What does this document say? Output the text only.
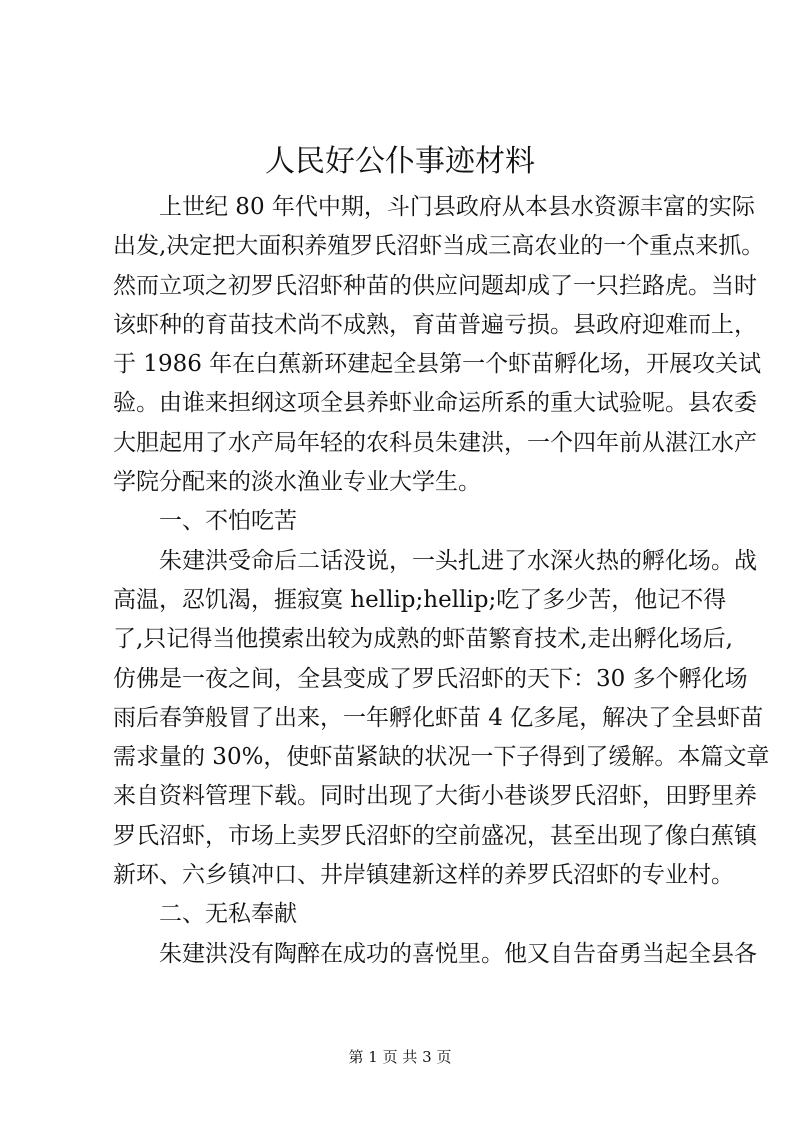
人民好公仆事迹材料
上世纪 80 年代中期，斗门县政府从本县水资源丰富的实际
出发,决定把大面积养殖罗氏沼虾当成三高农业的一个重点来抓。
然而立项之初罗氏沼虾种苗的供应问题却成了一只拦路虎。当时
该虾种的育苗技术尚不成熟，育苗普遍亏损。县政府迎难而上，
于 1986 年在白蕉新环建起全县第一个虾苗孵化场，开展攻关试
验。由谁来担纲这项全县养虾业命运所系的重大试验呢。县农委
大胆起用了水产局年轻的农科员朱建洪，一个四年前从湛江水产
学院分配来的淡水渔业专业大学生。
一、不怕吃苦
朱建洪受命后二话没说，一头扎进了水深火热的孵化场。战
高温，忍饥渴，捱寂寞 hellip;hellip;吃了多少苦，他记不得
了,只记得当他摸索出较为成熟的虾苗繁育技术,走出孵化场后,
仿佛是一夜之间，全县变成了罗氏沼虾的天下：30 多个孵化场
雨后春笋般冒了出来，一年孵化虾苗 4 亿多尾，解决了全县虾苗
需求量的 30%，使虾苗紧缺的状况一下子得到了缓解。本篇文章
来自资料管理下载。同时出现了大街小巷谈罗氏沼虾，田野里养
罗氏沼虾，市场上卖罗氏沼虾的空前盛况，甚至出现了像白蕉镇
新环、六乡镇冲口、井岸镇建新这样的养罗氏沼虾的专业村。
二、无私奉献
朱建洪没有陶醉在成功的喜悦里。他又自告奋勇当起全县各
第 1 页 共 3 页
